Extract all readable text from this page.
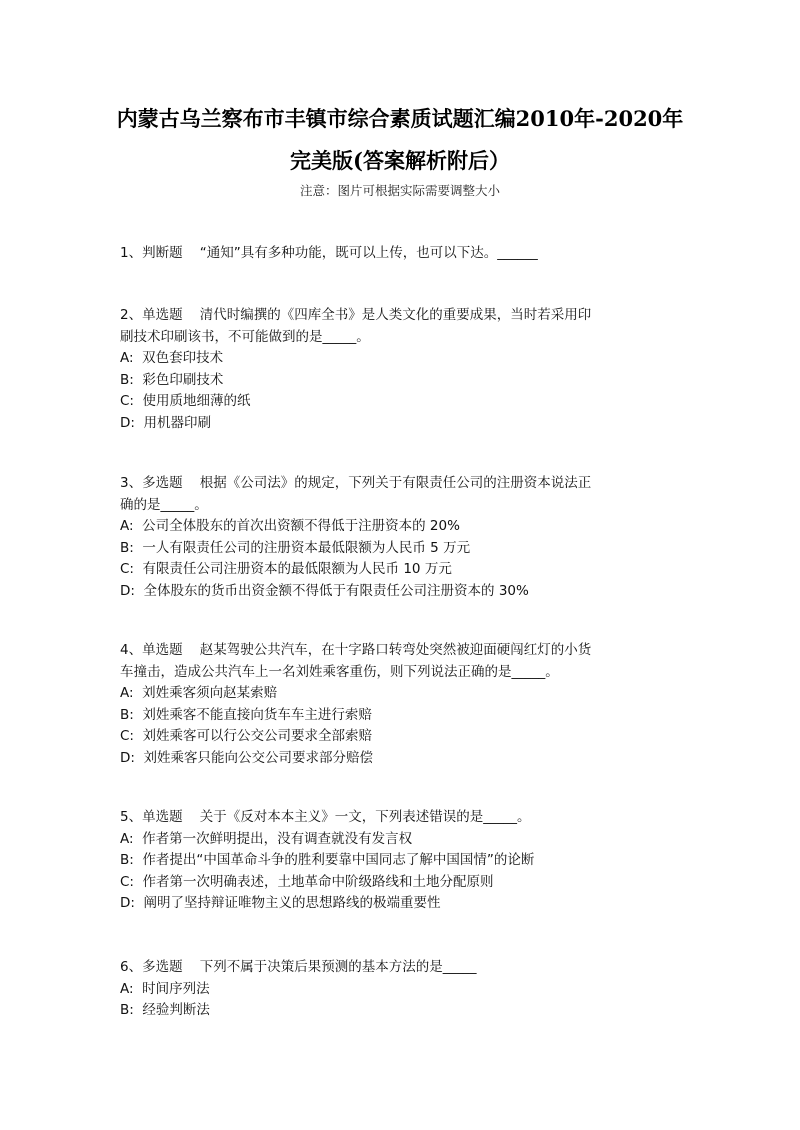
内蒙古乌兰察布市丰镇市综合素质试题汇编2010年-2020年
完美版(答案解析附后）
注意：图片可根据实际需要调整大小
1、判断题    “通知”具有多种功能，既可以上传，也可以下达。______
2、单选题    清代时编撰的《四库全书》是人类文化的重要成果，当时若采用印
刷技术印刷该书，不可能做到的是_____。
A:  双色套印技术
B:  彩色印刷技术
C:  使用质地细薄的纸
D:  用机器印刷
3、多选题    根据《公司法》的规定，下列关于有限责任公司的注册资本说法正
确的是_____。
A:  公司全体股东的首次出资额不得低于注册资本的 20%
B:  一人有限责任公司的注册资本最低限额为人民币 5 万元
C:  有限责任公司注册资本的最低限额为人民币 10 万元
D:  全体股东的货币出资金额不得低于有限责任公司注册资本的 30%
4、单选题    赵某驾驶公共汽车，在十字路口转弯处突然被迎面硬闯红灯的小货
车撞击，造成公共汽车上一名刘姓乘客重伤，则下列说法正确的是_____。
A:  刘姓乘客须向赵某索赔
B:  刘姓乘客不能直接向货车车主进行索赔
C:  刘姓乘客可以行公交公司要求全部索赔
D:  刘姓乘客只能向公交公司要求部分赔偿
5、单选题    关于《反对本本主义》一文，下列表述错误的是_____。
A:  作者第一次鲜明提出，没有调查就没有发言权
B:  作者提出“中国革命斗争的胜利要靠中国同志了解中国国情”的论断
C:  作者第一次明确表述，土地革命中阶级路线和土地分配原则
D:  阐明了坚持辩证唯物主义的思想路线的极端重要性
6、多选题    下列不属于决策后果预测的基本方法的是_____
A:  时间序列法
B:  经验判断法
